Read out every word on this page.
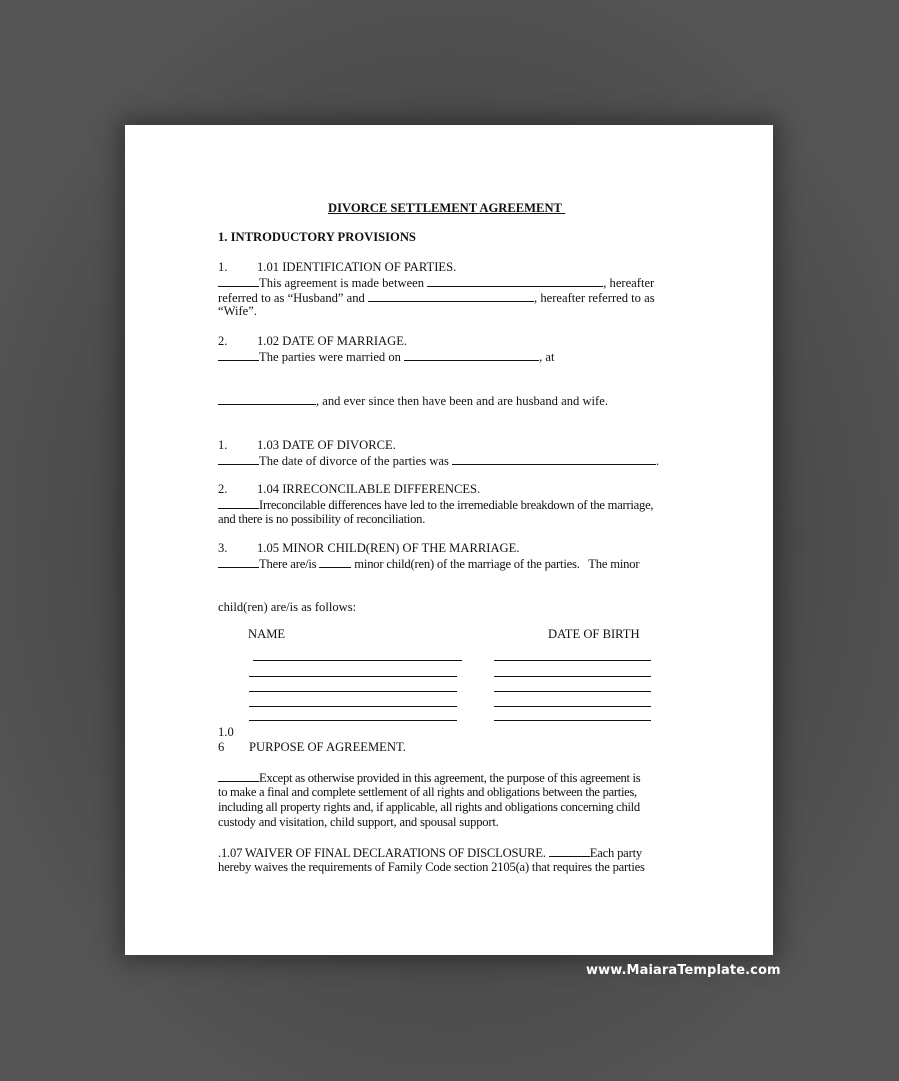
DIVORCE SETTLEMENT AGREEMENT
1. INTRODUCTORY PROVISIONS
1. 1.01 IDENTIFICATION OF PARTIES.
This agreement is made between	, hereafter
referred to as “Husband” and	, hereafter referred to as
“Wife”.
2. 1.02 DATE OF MARRIAGE.
The parties were married on	, at
, and ever since then have been and are husband and wife.
1. 1.03 DATE OF DIVORCE.
The date of divorce of the parties was	.
2. 1.04 IRRECONCILABLE DIFFERENCES.
Irreconcilable differences have led to the irremediable breakdown of the marriage,
and there is no possibility of reconciliation.
3. 1.05 MINOR CHILD(REN) OF THE MARRIAGE.
There are/is	minor child(ren) of the marriage of the parties.   The minor
child(ren) are/is as follows:
NAME	DATE OF BIRTH
1.0
6 PURPOSE OF AGREEMENT.
Except as otherwise provided in this agreement, the purpose of this agreement is
to make a final and complete settlement of all rights and obligations between the parties,
including all property rights and, if applicable, all rights and obligations concerning child
custody and visitation, child support, and spousal support.
.1.07 WAIVER OF FINAL DECLARATIONS OF DISCLOSURE.	Each party
hereby waives the requirements of Family Code section 2105(a) that requires the parties
www.MaiaraTemplate.com
